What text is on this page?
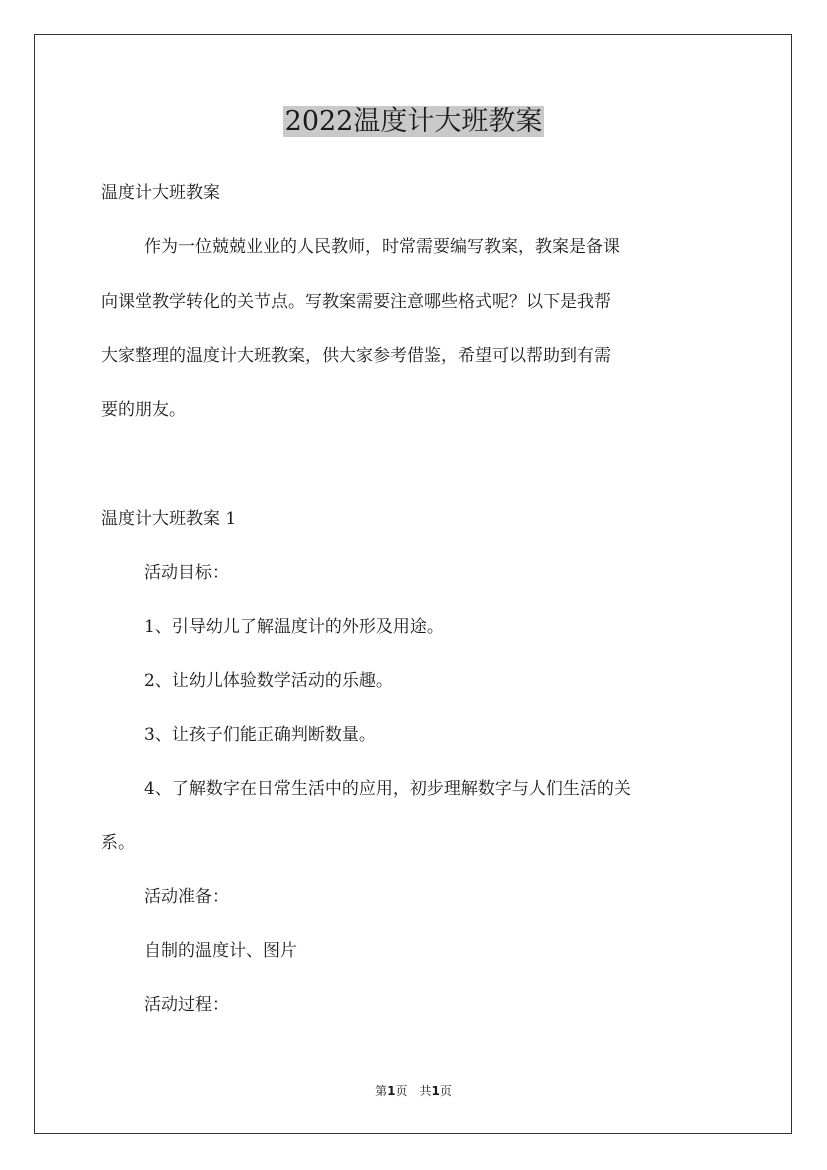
2022温度计大班教案
温度计大班教案
作为一位兢兢业业的人民教师，时常需要编写教案，教案是备课
向课堂教学转化的关节点。写教案需要注意哪些格式呢？以下是我帮
大家整理的温度计大班教案，供大家参考借鉴，希望可以帮助到有需
要的朋友。
温度计大班教案 1
活动目标：
1、引导幼儿了解温度计的外形及用途。
2、让幼儿体验数学活动的乐趣。
3、让孩子们能正确判断数量。
4、了解数字在日常生活中的应用，初步理解数字与人们生活的关
系。
活动准备：
自制的温度计、图片
活动过程：
第1页　共1页
